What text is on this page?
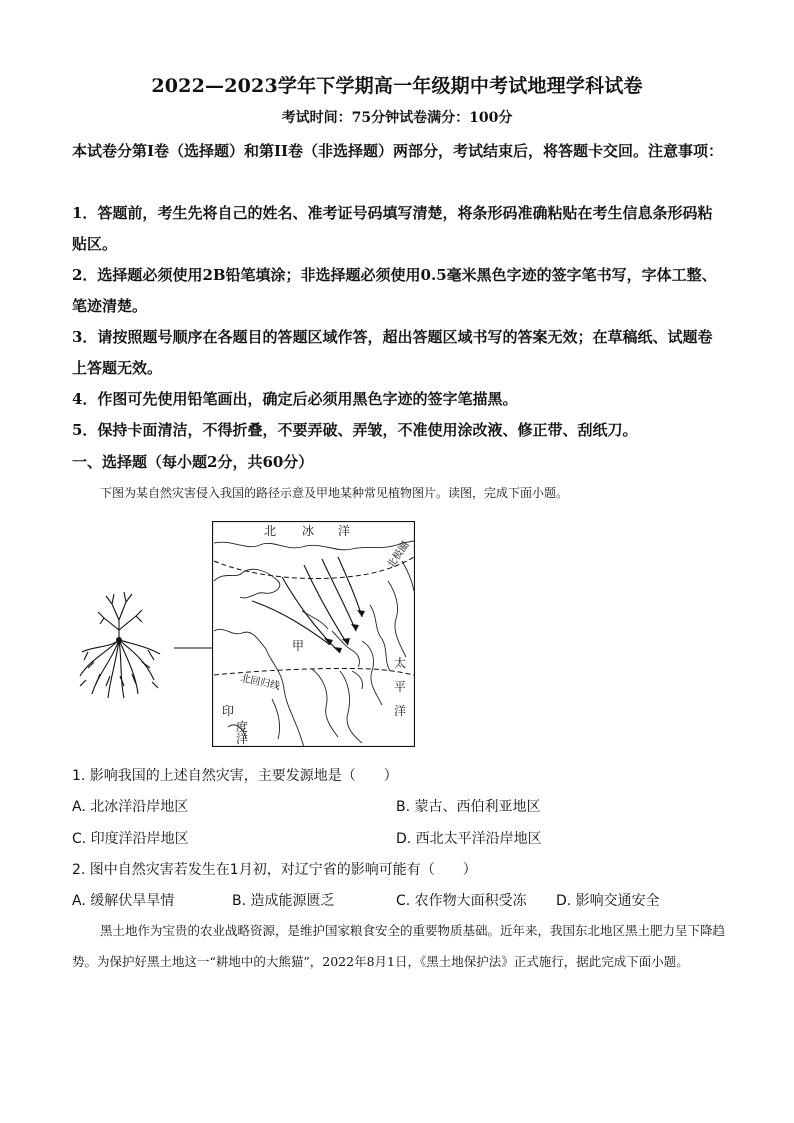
2022—2023学年下学期高一年级期中考试地理学科试卷
考试时间：75分钟试卷满分：100分
本试卷分第Ⅰ卷（选择题）和第II卷（非选择题）两部分，考试结束后，将答题卡交回。注意事项：
1．答题前，考生先将自己的姓名、准考证号码填写清楚，将条形码准确粘贴在考生信息条形码粘贴区。
2．选择题必须使用2B铅笔填涂；非选择题必须使用0.5毫米黑色字迹的签字笔书写，字体工整、笔迹清楚。
3．请按照题号顺序在各题目的答题区域作答，超出答题区域书写的答案无效；在草稿纸、试题卷上答题无效。
4．作图可先使用铅笔画出，确定后必须用黑色字迹的签字笔描黑。
5．保持卡面清洁，不得折叠，不要弄破、弄皱，不准使用涂改液、修正带、刮纸刀。
一、选择题（每小题2分，共60分）
下图为某自然灾害侵入我国的路径示意及甲地某种常见植物图片。读图，完成下面小题。
北 冰 洋
北极圈
甲
北回归线
太
平
洋
印
度
洋
1. 影响我国的上述自然灾害，主要发源地是（　　）
A. 北冰洋沿岸地区	B. 蒙古、西伯利亚地区
C. 印度洋沿岸地区	D. 西北太平洋沿岸地区
2. 图中自然灾害若发生在1月初，对辽宁省的影响可能有（　　）
A. 缓解伏旱旱情	B. 造成能源匮乏	C. 农作物大面积受冻 D. 影响交通安全
黑土地作为宝贵的农业战略资源，是维护国家粮食安全的重要物质基础。近年来，我国东北地区黑土肥力呈下降趋势。为保护好黑土地这一“耕地中的大熊猫”，2022年8月1日，《黑土地保护法》正式施行，据此完成下面小题。
